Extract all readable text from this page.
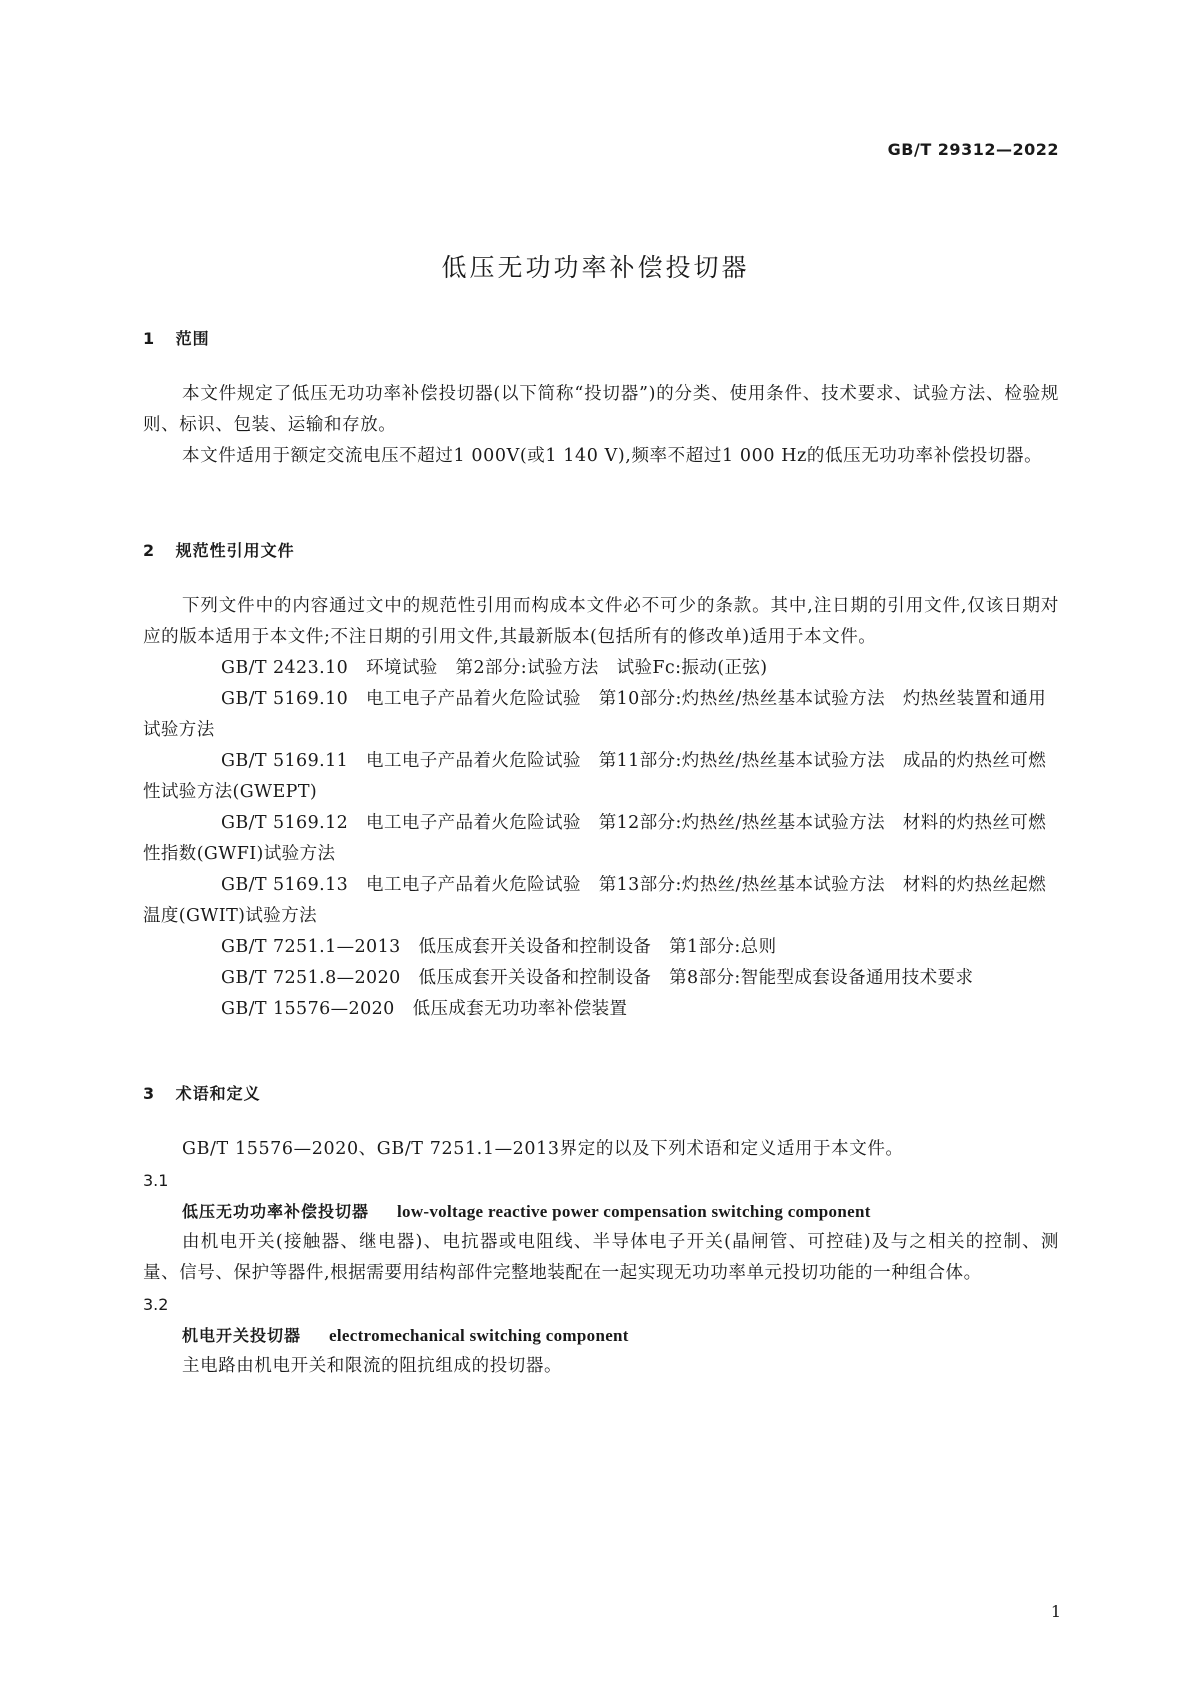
GB/T 29312—2022
低压无功功率补偿投切器
1 范围

本文件规定了低压无功功率补偿投切器(以下简称“投切器”)的分类、使用条件、技术要求、试验方法、检验规则、标识、包装、运输和存放。

本文件适用于额定交流电压不超过1 000V(或1 140 V),频率不超过1 000 Hz的低压无功功率补偿投切器。

2 规范性引用文件

下列文件中的内容通过文中的规范性引用而构成本文件必不可少的条款。其中,注日期的引用文件,仅该日期对应的版本适用于本文件;不注日期的引用文件,其最新版本(包括所有的修改单)适用于本文件。

GB/T 2423.10　 环境试验　第2部分:试验方法　试验Fc:振动(正弦)

GB/T 5169.10　 电工电子产品着火危险试验　第10部分:灼热丝/热丝基本试验方法　灼热丝装置和通用试验方法

GB/T 5169.11　 电工电子产品着火危险试验　第11部分:灼热丝/热丝基本试验方法　成品的灼热丝可燃性试验方法(GWEPT)

GB/T 5169.12　 电工电子产品着火危险试验　第12部分:灼热丝/热丝基本试验方法　材料的灼热丝可燃性指数(GWFI)试验方法

GB/T 5169.13　 电工电子产品着火危险试验　第13部分:灼热丝/热丝基本试验方法　材料的灼热丝起燃温度(GWIT)试验方法

GB/T 7251.1—2013　 低压成套开关设备和控制设备　第1部分:总则

GB/T 7251.8—2020　 低压成套开关设备和控制设备　第8部分:智能型成套设备通用技术要求

GB/T 15576—2020　 低压成套无功功率补偿装置

3 术语和定义

GB/T 15576—2020、GB/T 7251.1—2013界定的以及下列术语和定义适用于本文件。

3.1

低压无功功率补偿投切器 low-voltage reactive power compensation switching component

由机电开关(接触器、继电器)、电抗器或电阻线、半导体电子开关(晶闸管、可控硅)及与之相关的控制、测量、信号、保护等器件,根据需要用结构部件完整地装配在一起实现无功功率单元投切功能的一种组合体。

3.2

机电开关投切器 electromechanical switching component

主电路由机电开关和限流的阻抗组成的投切器。

1
